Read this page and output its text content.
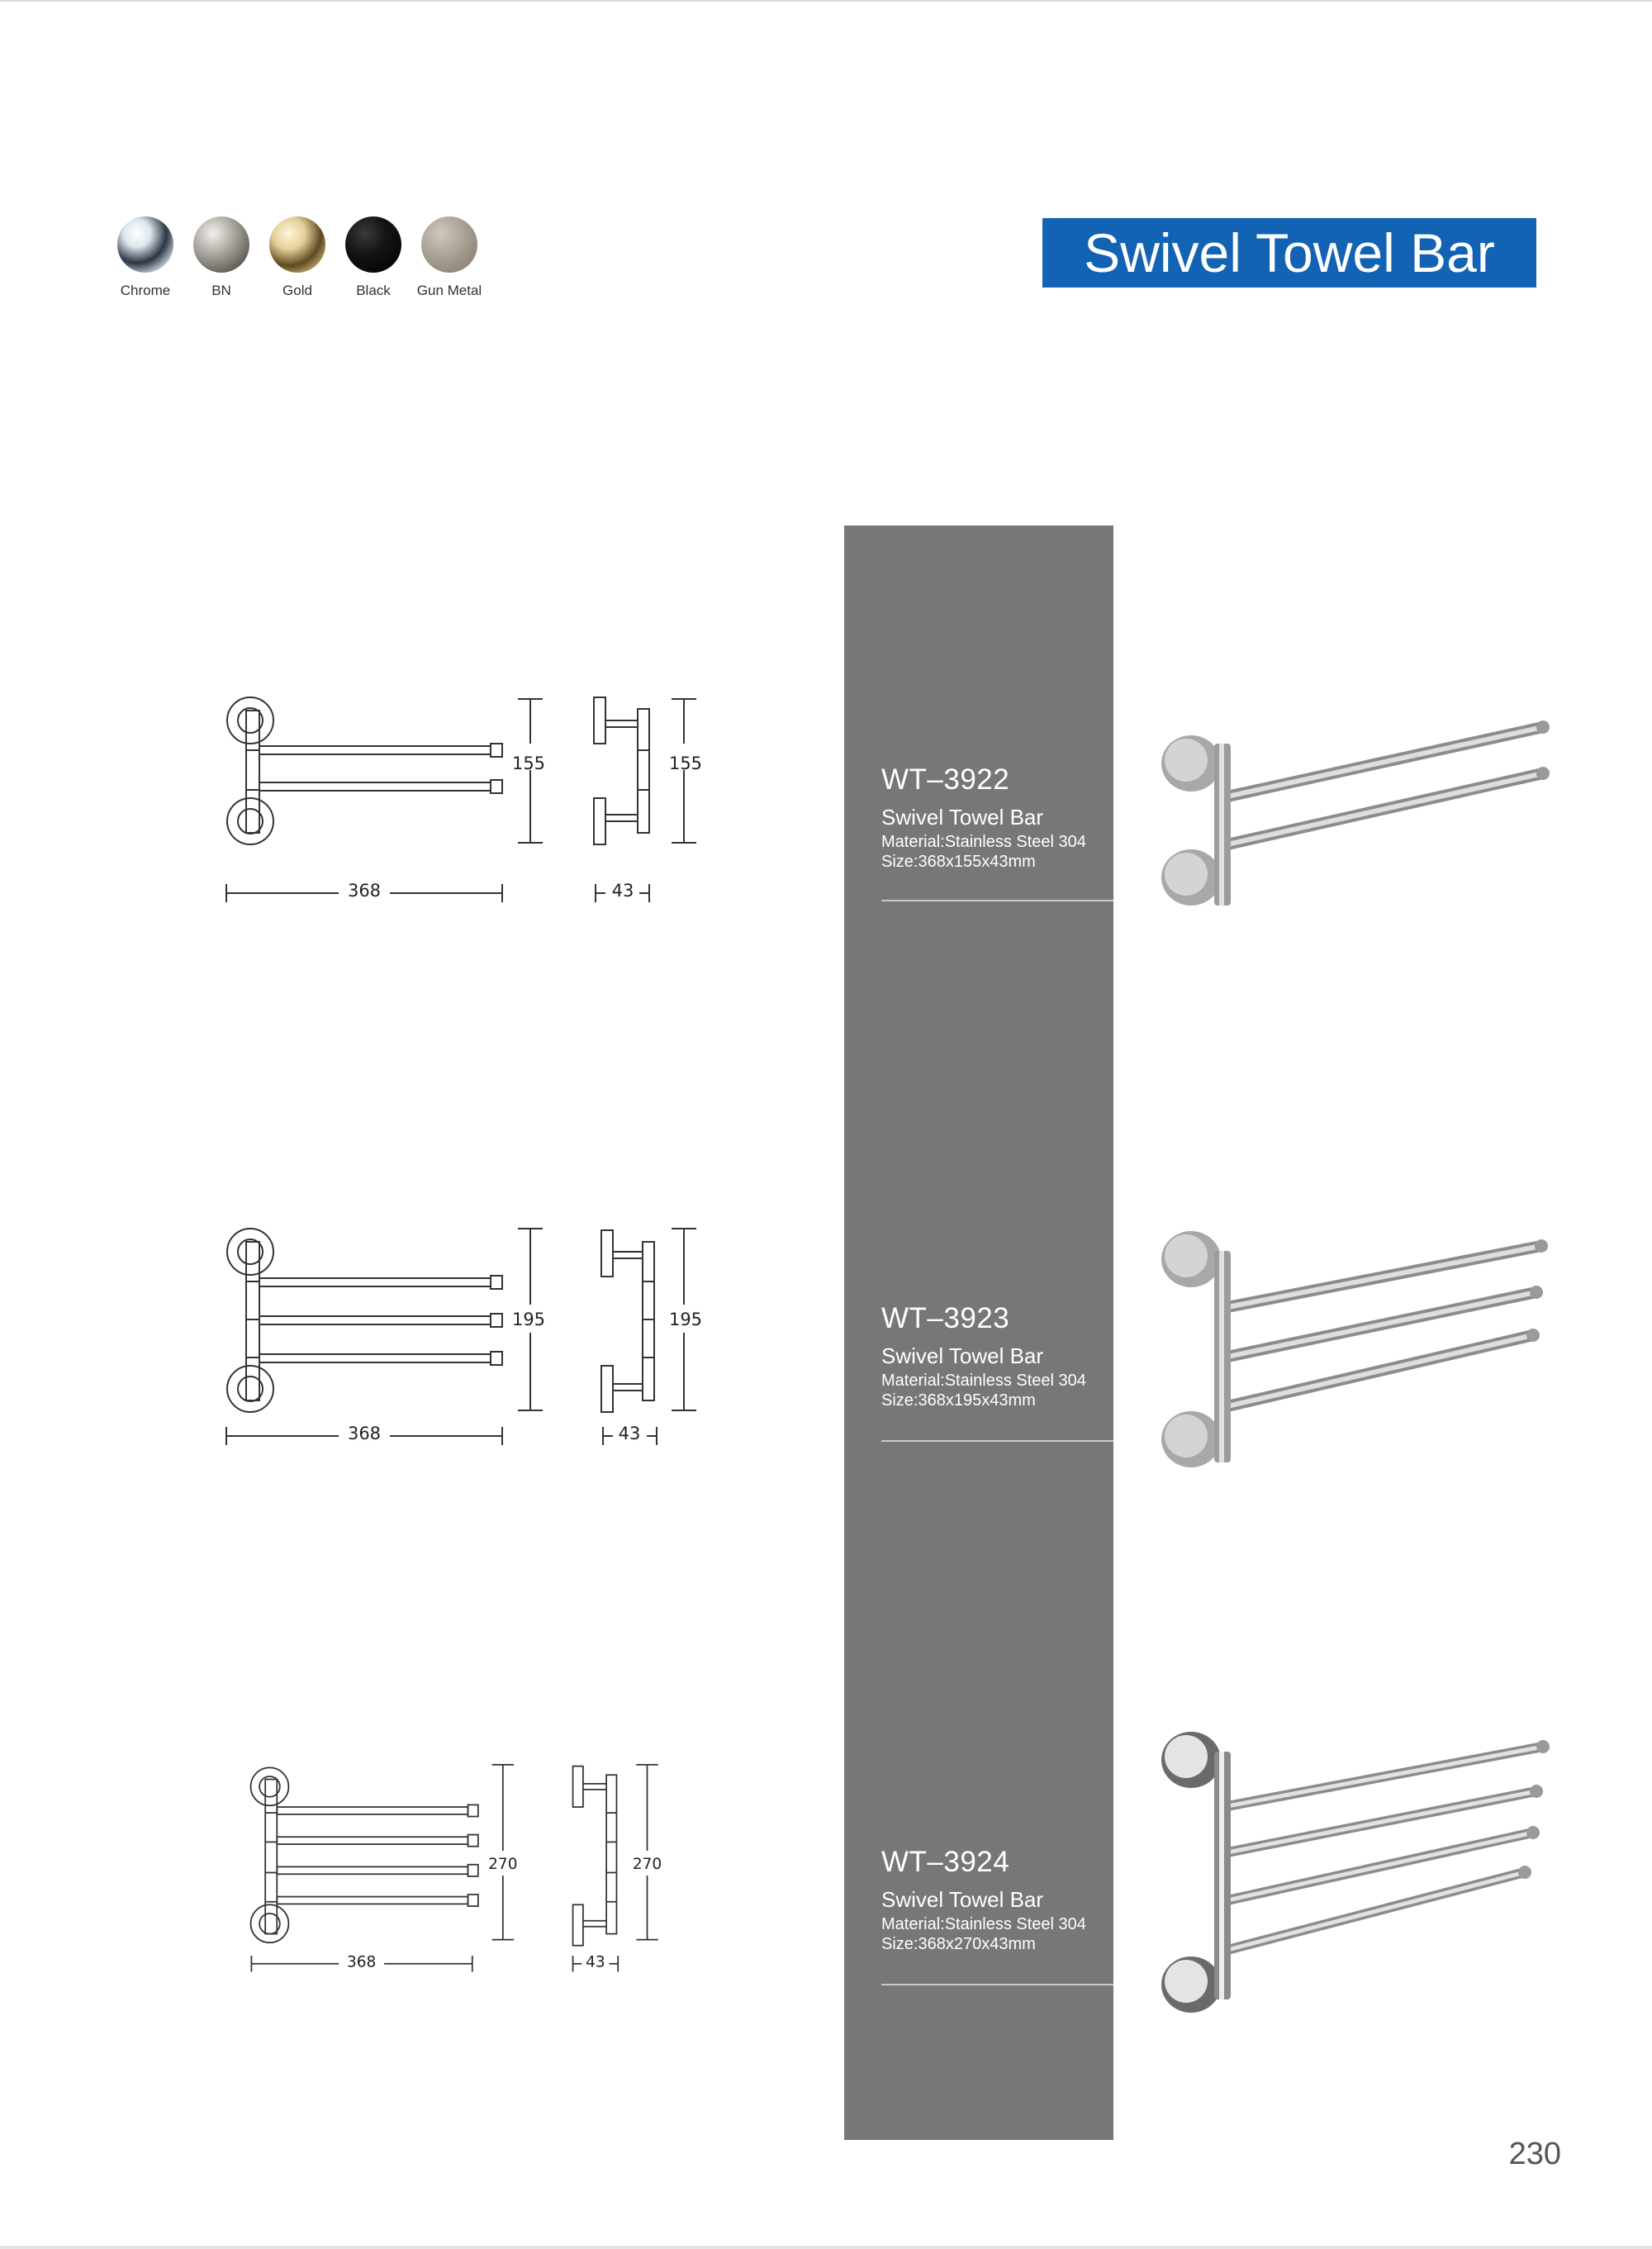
Chrome	BN	Gold	Black	Gun Metal
Swivel Towel Bar
155	155
368	43
WT–3922
Swivel Towel Bar
Material:Stainless Steel 304
Size:368x155x43mm
195	195
368	43
WT–3923
Swivel Towel Bar
Material:Stainless Steel 304
Size:368x195x43mm
270	270
368	43
WT–3924
Swivel Towel Bar
Material:Stainless Steel 304
Size:368x270x43mm
230
